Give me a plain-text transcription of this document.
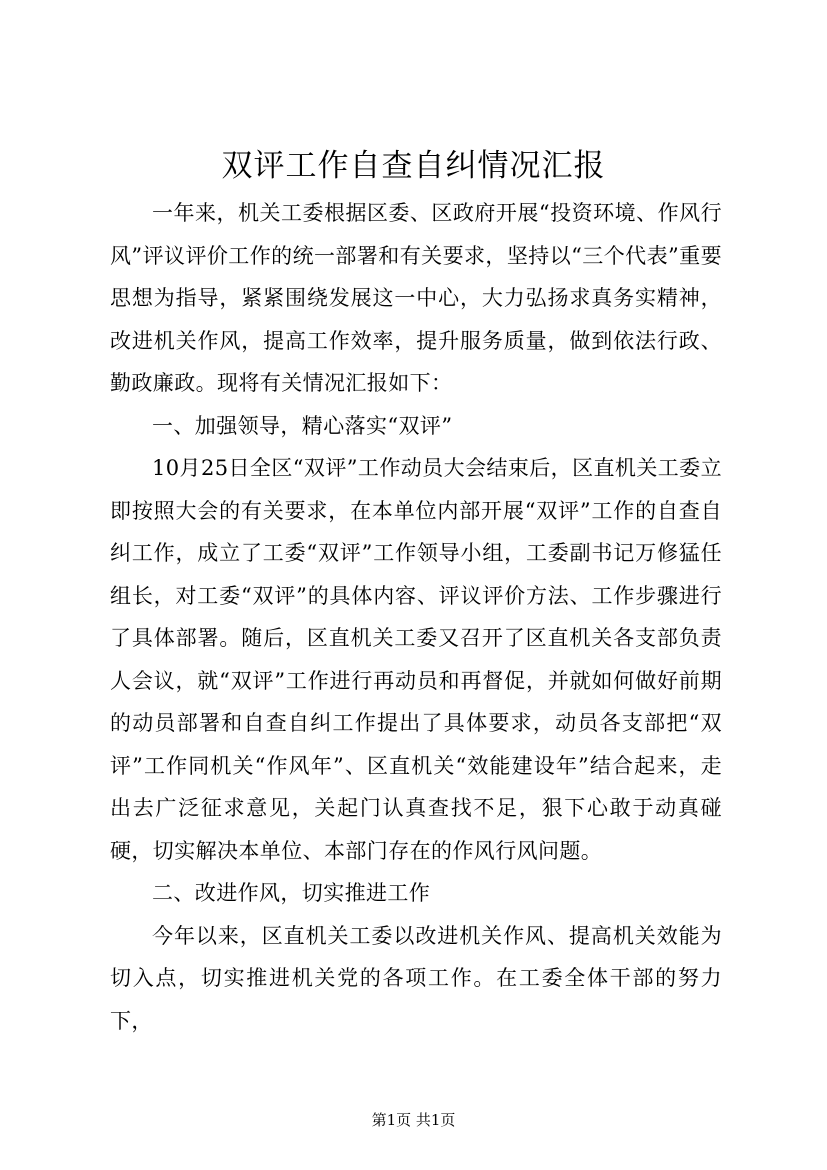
双评工作自查自纠情况汇报

一年来，机关工委根据区委、区政府开展“投资环境、作风行风”评议评价工作的统一部署和有关要求，坚持以“三个代表”重要思想为指导，紧紧围绕发展这一中心，大力弘扬求真务实精神，改进机关作风，提高工作效率，提升服务质量，做到依法行政、勤政廉政。现将有关情况汇报如下：

一、加强领导，精心落实“双评”

10月25日全区“双评”工作动员大会结束后，区直机关工委立即按照大会的有关要求，在本单位内部开展“双评”工作的自查自纠工作，成立了工委“双评”工作领导小组，工委副书记万修猛任组长，对工委“双评”的具体内容、评议评价方法、工作步骤进行了具体部署。随后，区直机关工委又召开了区直机关各支部负责人会议，就“双评”工作进行再动员和再督促，并就如何做好前期的动员部署和自查自纠工作提出了具体要求，动员各支部把“双评”工作同机关“作风年”、区直机关“效能建设年”结合起来，走出去广泛征求意见，关起门认真查找不足，狠下心敢于动真碰硬，切实解决本单位、本部门存在的作风行风问题。

二、改进作风，切实推进工作

今年以来，区直机关工委以改进机关作风、提高机关效能为切入点，切实推进机关党的各项工作。在工委全体干部的努力下，

第1页 共1页
